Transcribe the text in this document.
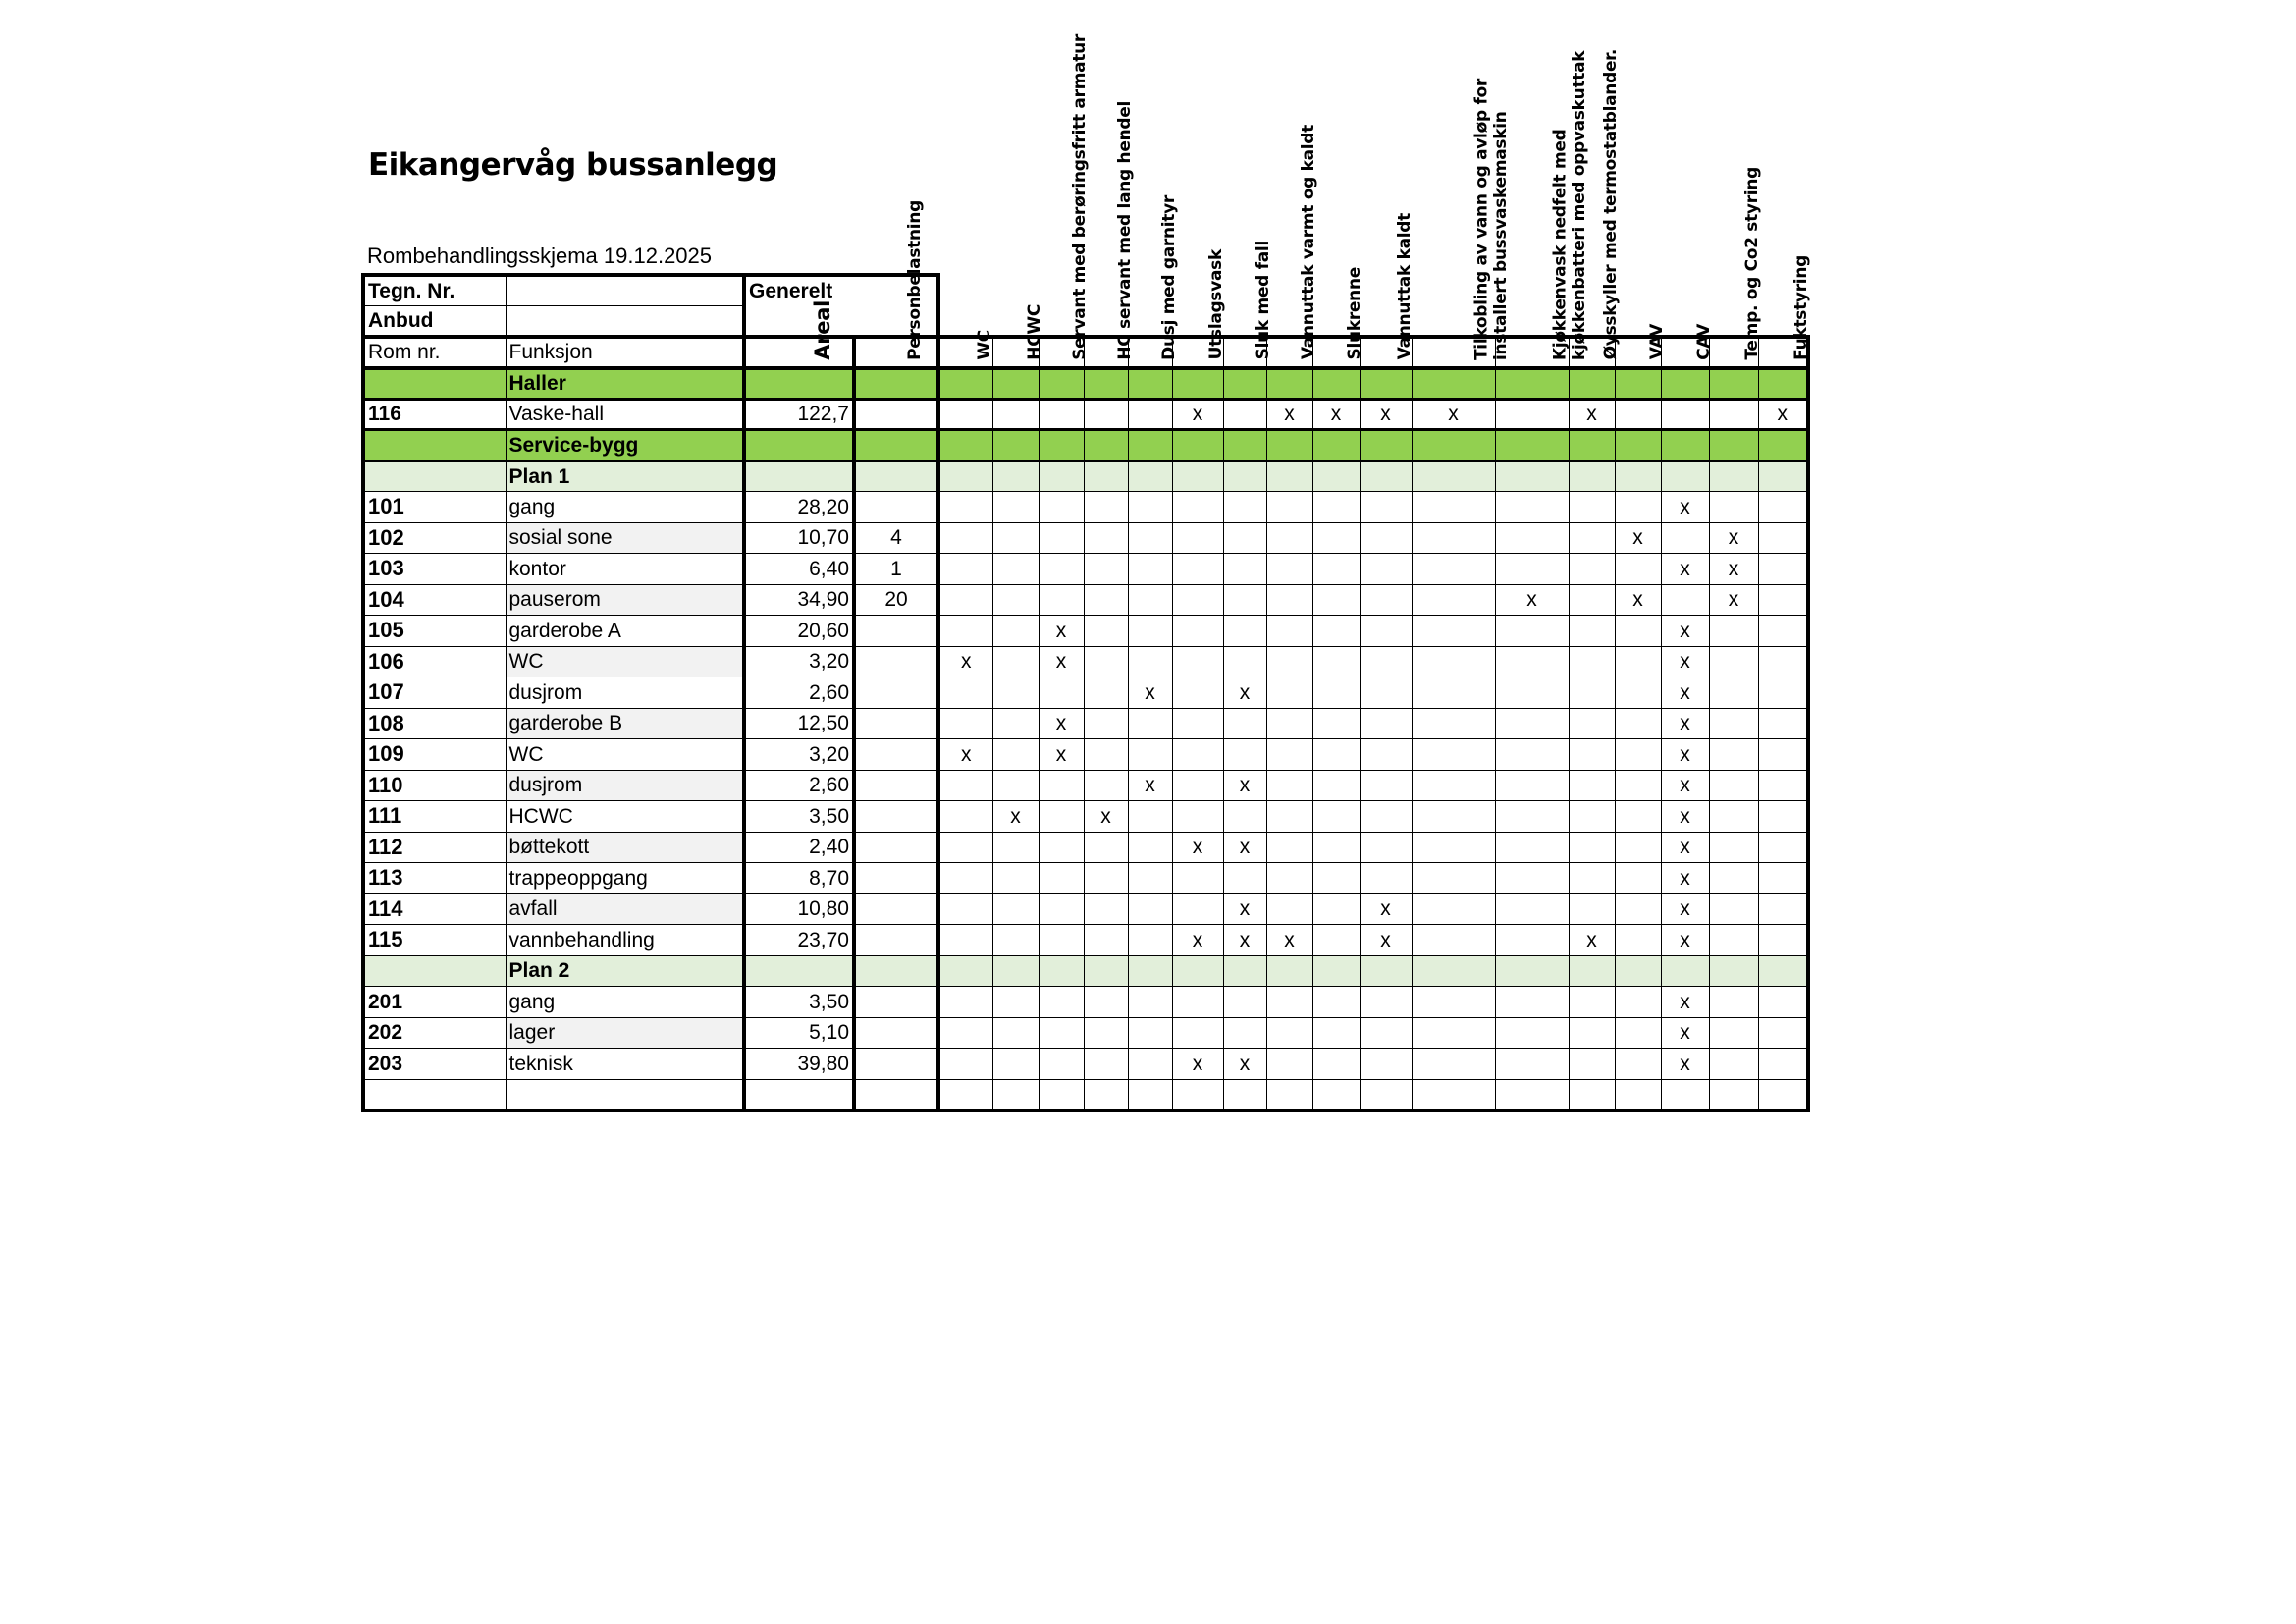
Eikangervåg bussanlegg
Rombehandlingsskjema 19.12.2025
Tegn. Nr.		Generelt																		
Anbud																				
Rom nr.	Funksjon	Areal	Personbelastning	WC	HCWC	Servant med berøringsfritt armatur	HC servant med lang hendel	Dusj med garnityr	Utslagsvask	Sluk med fall	Vannuttak varmt og kaldt	Slukrenne	Vannuttak kaldt	Tilkobling av vann og avløp for installert bussvaskemaskin	Kjøkkenvask nedfelt med kjøkkenbatteri med oppvaskuttak	Øysskyller med termostatblander.	VAV	CAV	Temp. og Co2 styring	Fuktstyring

	Haller																			
116	Vaske-hall	122,7							x		x	x	x	x		x				x
	Service-bygg																			
	Plan 1																			
101	gang	28,20																x		
102	sosial sone	10,70	4														x		x	
103	kontor	6,40	1															x	x	
104	pauserom	34,90	20												x		x		x	
105	garderobe A	20,60				x												x		
106	WC	3,20		x		x												x		
107	dusjrom	2,60						x		x								x		
108	garderobe B	12,50				x												x		
109	WC	3,20		x		x												x		
110	dusjrom	2,60						x		x								x		
111	HCWC	3,50			x		x											x		
112	bøttekott	2,40							x	x								x		
113	trappeoppgang	8,70																x		
114	avfall	10,80								x			x					x		
115	vannbehandling	23,70							x	x	x		x			x		x		
	Plan 2																			
201	gang	3,50																x		
202	lager	5,10																x		
203	teknisk	39,80							x	x								x		
